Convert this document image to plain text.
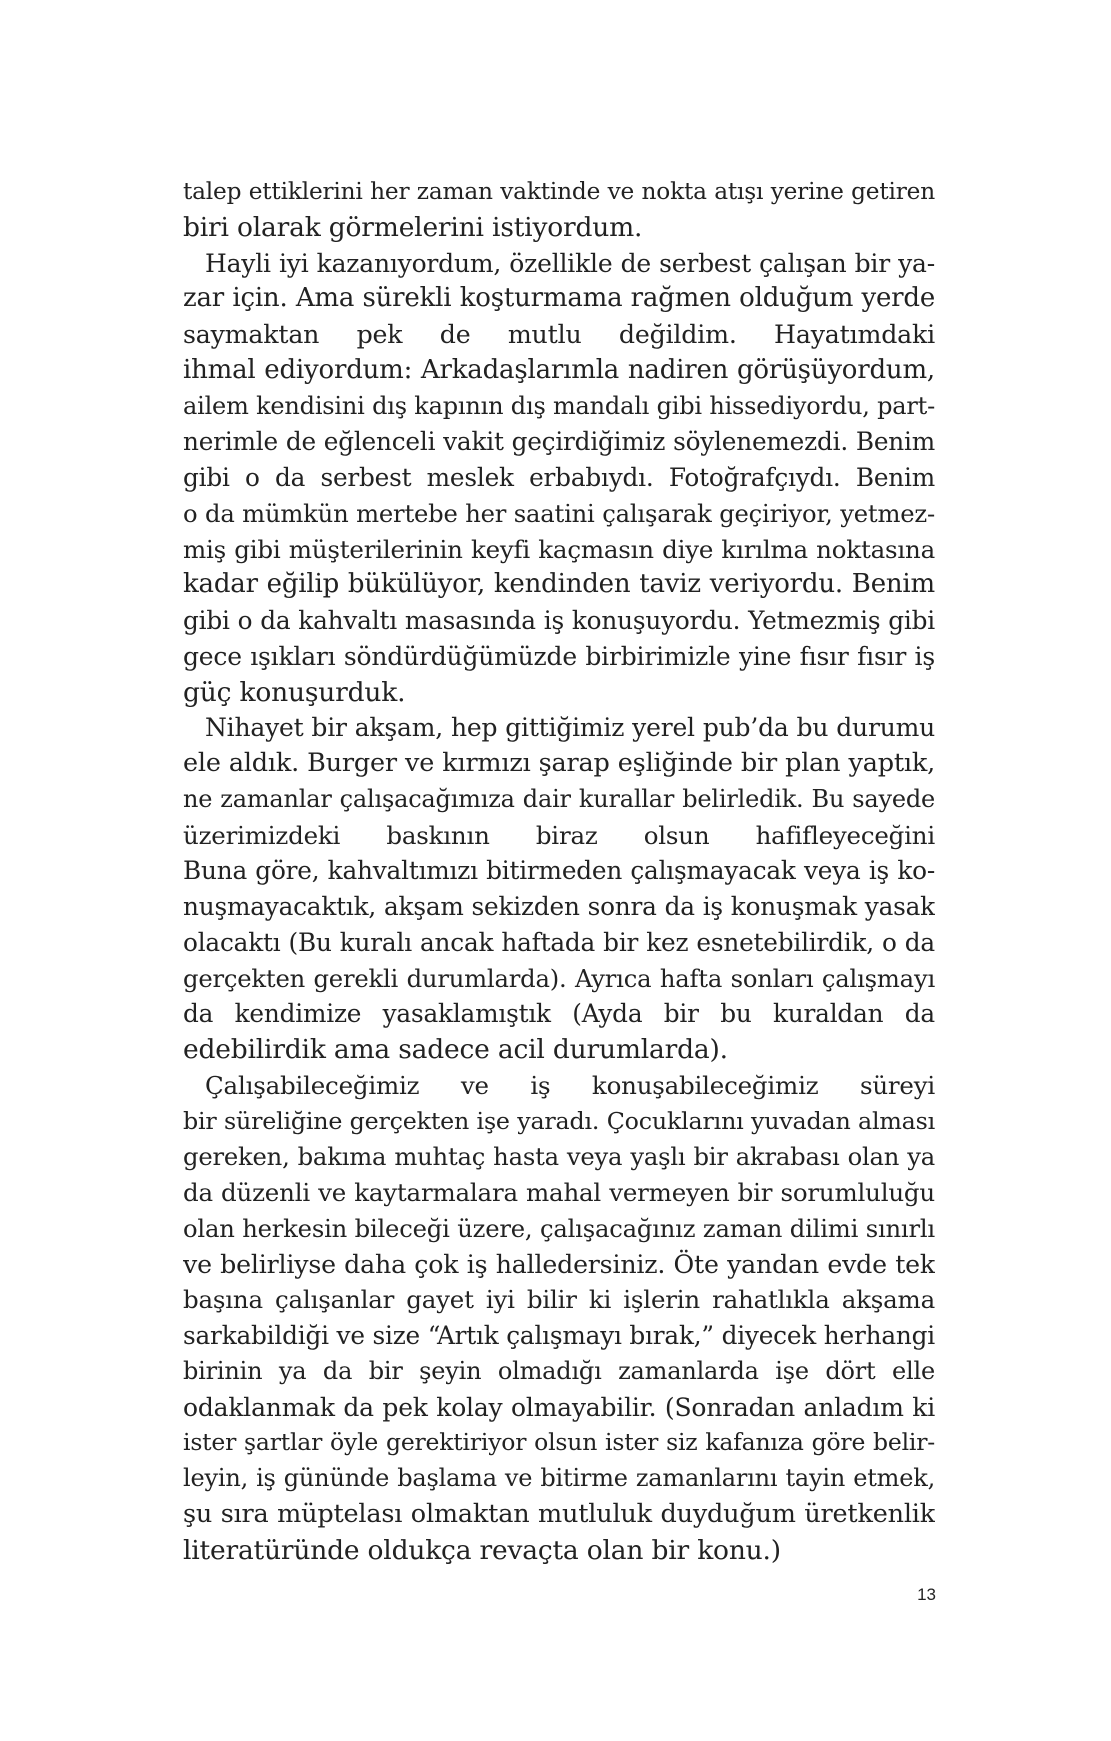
talep ettiklerini her zaman vaktinde ve nokta atışı yerine getiren
biri olarak görmelerini istiyordum.
Hayli iyi kazanıyordum, özellikle de serbest çalışan bir ya-
zar için. Ama sürekli koşturmama rağmen olduğum yerde
saymaktan pek de mutlu değildim. Hayatımdaki
ihmal ediyordum: Arkadaşlarımla nadiren görüşüyordum,
ailem kendisini dış kapının dış mandalı gibi hissediyordu, part-
nerimle de eğlenceli vakit geçirdiğimiz söylenemezdi. Benim
gibi o da serbest meslek erbabıydı. Fotoğrafçıydı. Benim
o da mümkün mertebe her saatini çalışarak geçiriyor, yetmez-
miş gibi müşterilerinin keyfi kaçmasın diye kırılma noktasına
kadar eğilip bükülüyor, kendinden taviz veriyordu. Benim
gibi o da kahvaltı masasında iş konuşuyordu. Yetmezmiş gibi
gece ışıkları söndürdüğümüzde birbirimizle yine fısır fısır iş
güç konuşurduk.
Nihayet bir akşam, hep gittiğimiz yerel pub’da bu durumu
ele aldık. Burger ve kırmızı şarap eşliğinde bir plan yaptık,
ne zamanlar çalışacağımıza dair kurallar belirledik. Bu sayede
üzerimizdeki baskının biraz olsun hafifleyeceğini
Buna göre, kahvaltımızı bitirmeden çalışmayacak veya iş ko-
nuşmayacaktık, akşam sekizden sonra da iş konuşmak yasak
olacaktı (Bu kuralı ancak haftada bir kez esnetebilirdik, o da
gerçekten gerekli durumlarda). Ayrıca hafta sonları çalışmayı
da kendimize yasaklamıştık (Ayda bir bu kuraldan da
edebilirdik ama sadece acil durumlarda).
Çalışabileceğimiz ve iş konuşabileceğimiz süreyi
bir süreliğine gerçekten işe yaradı. Çocuklarını yuvadan alması
gereken, bakıma muhtaç hasta veya yaşlı bir akrabası olan ya
da düzenli ve kaytarmalara mahal vermeyen bir sorumluluğu
olan herkesin bileceği üzere, çalışacağınız zaman dilimi sınırlı
ve belirliyse daha çok iş halledersiniz. Öte yandan evde tek
başına çalışanlar gayet iyi bilir ki işlerin rahatlıkla akşama
sarkabildiği ve size “Artık çalışmayı bırak,” diyecek herhangi
birinin ya da bir şeyin olmadığı zamanlarda işe dört elle
odaklanmak da pek kolay olmayabilir. (Sonradan anladım ki
ister şartlar öyle gerektiriyor olsun ister siz kafanıza göre belir-
leyin, iş gününde başlama ve bitirme zamanlarını tayin etmek,
şu sıra müptelası olmaktan mutluluk duyduğum üretkenlik
literatüründe oldukça revaçta olan bir konu.)
13
